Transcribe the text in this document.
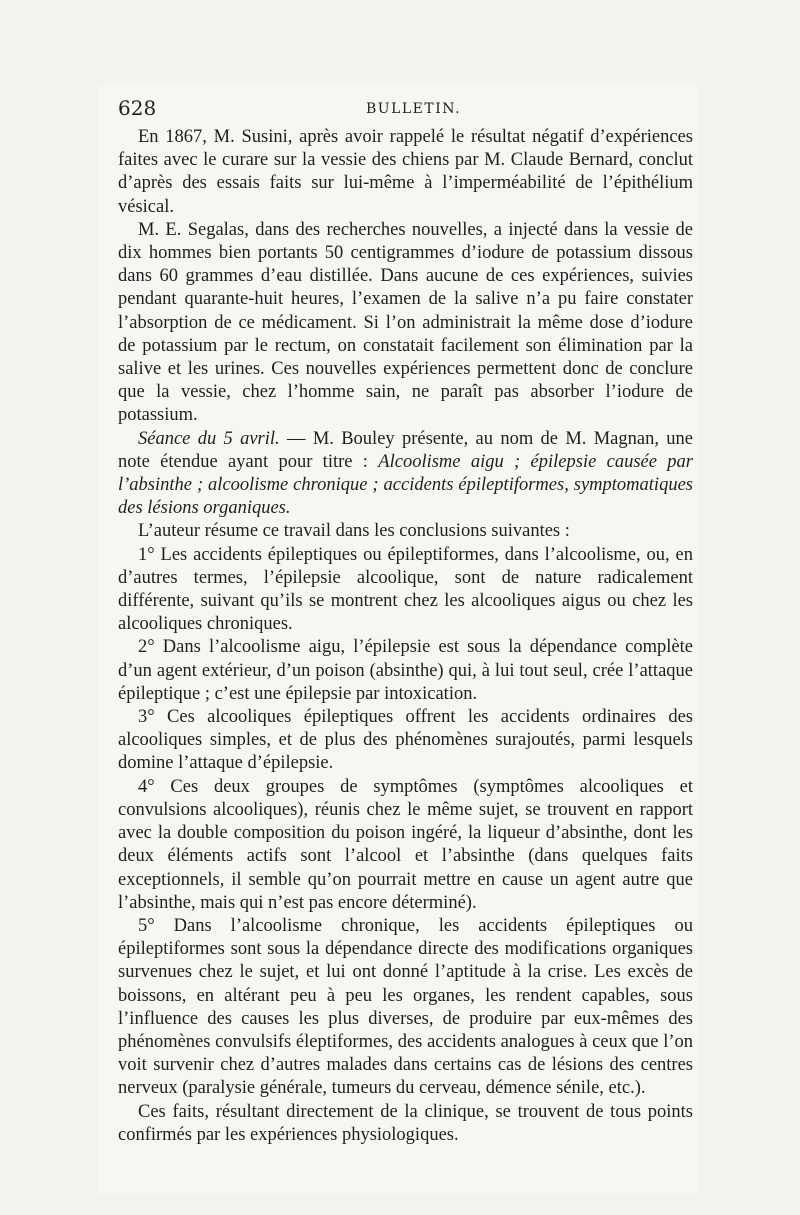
628	BULLETIN.

En 1867, M. Susini, après avoir rappelé le résultat négatif d’expériences faites avec le curare sur la vessie des chiens par M. Claude Bernard, conclut d’après des essais faits sur lui-même à l’imperméabilité de l’épithélium vésical.

M. E. Segalas, dans des recherches nouvelles, a injecté dans la vessie de dix hommes bien portants 50 centigrammes d’iodure de potassium dissous dans 60 grammes d’eau distillée. Dans aucune de ces expériences, suivies pendant quarante-huit heures, l’examen de la salive n’a pu faire constater l’absorption de ce médicament. Si l’on administrait la même dose d’iodure de potassium par le rectum, on constatait facilement son élimination par la salive et les urines. Ces nouvelles expériences permettent donc de conclure que la vessie, chez l’homme sain, ne paraît pas absorber l’iodure de potassium.

Séance du 5 avril. — M. Bouley présente, au nom de M. Magnan, une note étendue ayant pour titre : Alcoolisme aigu ; épilepsie causée par l’absinthe ; alcoolisme chronique ; accidents épileptiformes, symptomatiques des lésions organiques.

L’auteur résume ce travail dans les conclusions suivantes :

1° Les accidents épileptiques ou épileptiformes, dans l’alcoolisme, ou, en d’autres termes, l’épilepsie alcoolique, sont de nature radicalement différente, suivant qu’ils se montrent chez les alcooliques aigus ou chez les alcooliques chroniques.

2° Dans l’alcoolisme aigu, l’épilepsie est sous la dépendance complète d’un agent extérieur, d’un poison (absinthe) qui, à lui tout seul, crée l’attaque épileptique ; c’est une épilepsie par intoxication.

3° Ces alcooliques épileptiques offrent les accidents ordinaires des alcooliques simples, et de plus des phénomènes surajoutés, parmi lesquels domine l’attaque d’épilepsie.

4° Ces deux groupes de symptômes (symptômes alcooliques et convulsions alcooliques), réunis chez le même sujet, se trouvent en rapport avec la double composition du poison ingéré, la liqueur d’absinthe, dont les deux éléments actifs sont l’alcool et l’absinthe (dans quelques faits exceptionnels, il semble qu’on pourrait mettre en cause un agent autre que l’absinthe, mais qui n’est pas encore déterminé).

5° Dans l’alcoolisme chronique, les accidents épileptiques ou épileptiformes sont sous la dépendance directe des modifications organiques survenues chez le sujet, et lui ont donné l’aptitude à la crise. Les excès de boissons, en altérant peu à peu les organes, les rendent capables, sous l’influence des causes les plus diverses, de produire par eux-mêmes des phénomènes convulsifs éleptiformes, des accidents analogues à ceux que l’on voit survenir chez d’autres malades dans certains cas de lésions des centres nerveux (paralysie générale, tumeurs du cerveau, démence sénile, etc.).

Ces faits, résultant directement de la clinique, se trouvent de tous points confirmés par les expériences physiologiques.
